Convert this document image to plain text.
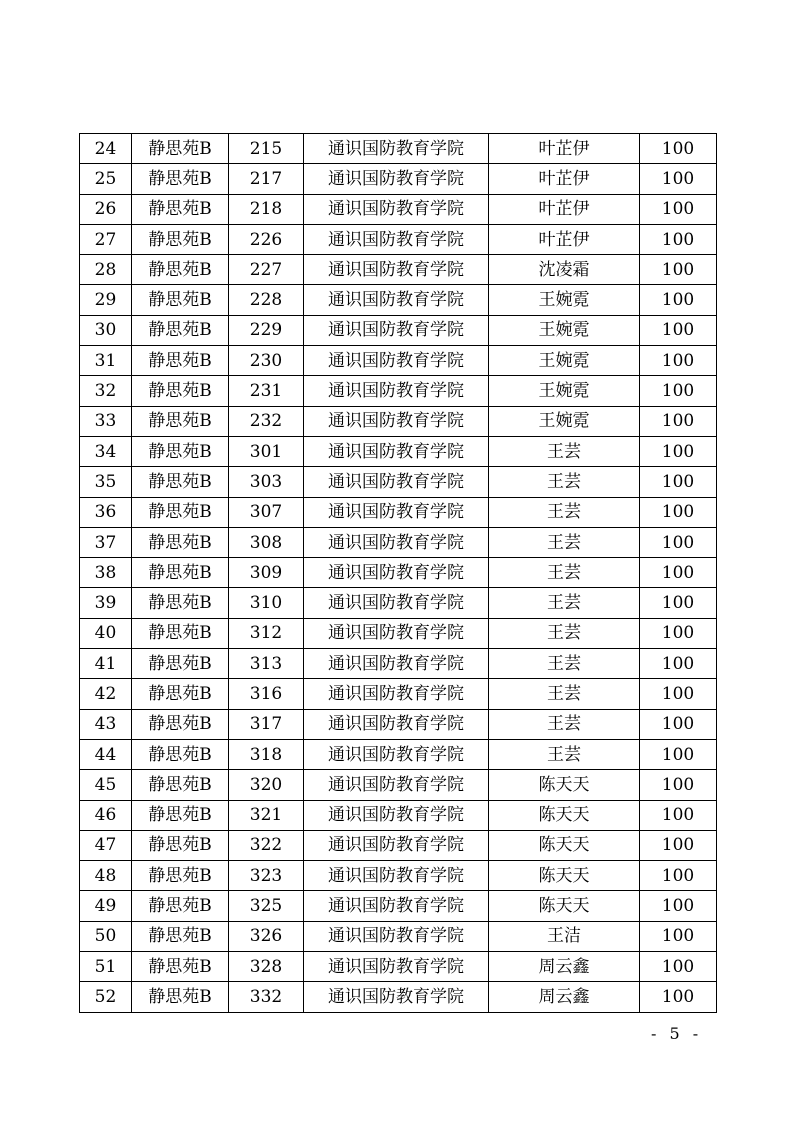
24	静思苑B	215	通识国防教育学院	叶芷伊	100
25	静思苑B	217	通识国防教育学院	叶芷伊	100
26	静思苑B	218	通识国防教育学院	叶芷伊	100
27	静思苑B	226	通识国防教育学院	叶芷伊	100
28	静思苑B	227	通识国防教育学院	沈凌霜	100
29	静思苑B	228	通识国防教育学院	王婉霓	100
30	静思苑B	229	通识国防教育学院	王婉霓	100
31	静思苑B	230	通识国防教育学院	王婉霓	100
32	静思苑B	231	通识国防教育学院	王婉霓	100
33	静思苑B	232	通识国防教育学院	王婉霓	100
34	静思苑B	301	通识国防教育学院	王芸	100
35	静思苑B	303	通识国防教育学院	王芸	100
36	静思苑B	307	通识国防教育学院	王芸	100
37	静思苑B	308	通识国防教育学院	王芸	100
38	静思苑B	309	通识国防教育学院	王芸	100
39	静思苑B	310	通识国防教育学院	王芸	100
40	静思苑B	312	通识国防教育学院	王芸	100
41	静思苑B	313	通识国防教育学院	王芸	100
42	静思苑B	316	通识国防教育学院	王芸	100
43	静思苑B	317	通识国防教育学院	王芸	100
44	静思苑B	318	通识国防教育学院	王芸	100
45	静思苑B	320	通识国防教育学院	陈天天	100
46	静思苑B	321	通识国防教育学院	陈天天	100
47	静思苑B	322	通识国防教育学院	陈天天	100
48	静思苑B	323	通识国防教育学院	陈天天	100
49	静思苑B	325	通识国防教育学院	陈天天	100
50	静思苑B	326	通识国防教育学院	王洁	100
51	静思苑B	328	通识国防教育学院	周云鑫	100
52	静思苑B	332	通识国防教育学院	周云鑫	100
- 5 -
